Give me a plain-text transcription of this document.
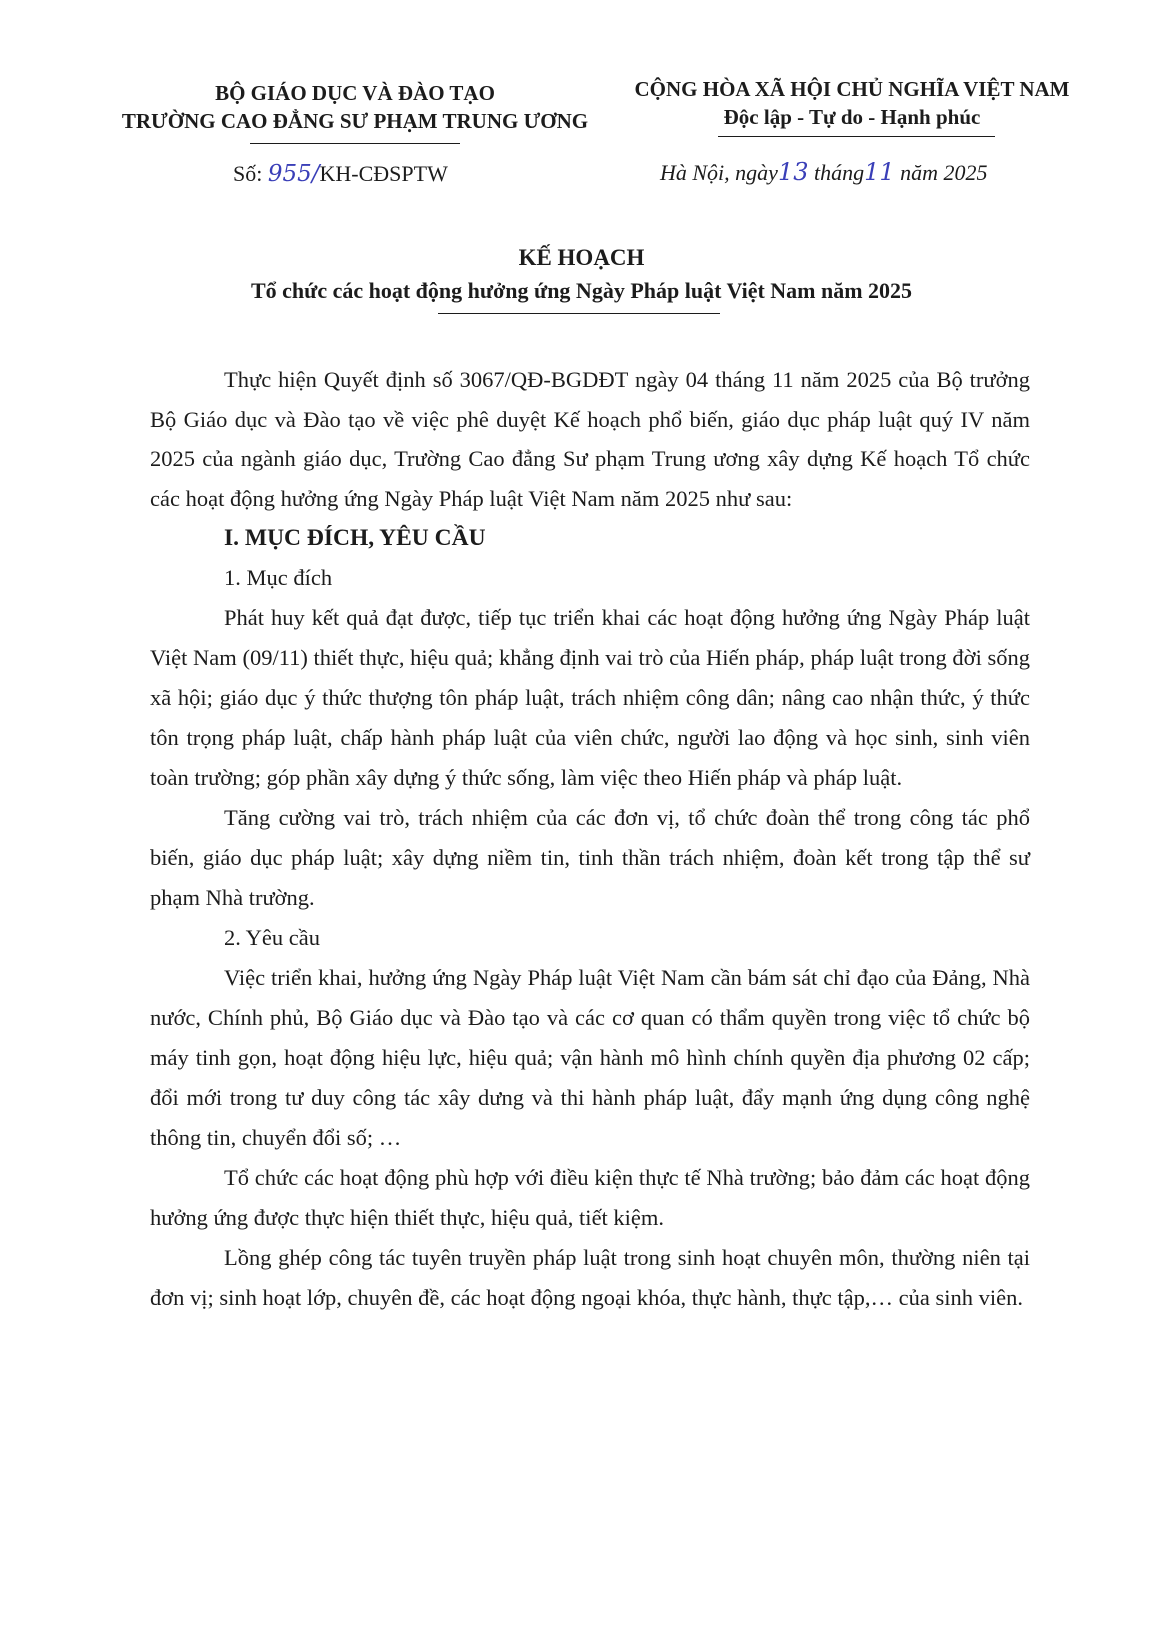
BỘ GIÁO DỤC VÀ ĐÀO TẠO
TRƯỜNG CAO ĐẲNG SƯ PHẠM TRUNG ƯƠNG
CỘNG HÒA XÃ HỘI CHỦ NGHĨA VIỆT NAM
Độc lập - Tự do - Hạnh phúc
Số: 955/KH-CĐSPTW	Hà Nội, ngày13 tháng11 năm 2025
KẾ HOẠCH
Tổ chức các hoạt động hưởng ứng Ngày Pháp luật Việt Nam năm 2025

Thực hiện Quyết định số 3067/QĐ-BGDĐT ngày 04 tháng 11 năm 2025 của Bộ trưởng Bộ Giáo dục và Đào tạo về việc phê duyệt Kế hoạch phổ biến, giáo dục pháp luật quý IV năm 2025 của ngành giáo dục, Trường Cao đẳng Sư phạm Trung ương xây dựng Kế hoạch Tổ chức các hoạt động hưởng ứng Ngày Pháp luật Việt Nam năm 2025 như sau:

I. MỤC ĐÍCH, YÊU CẦU
1. Mục đích

Phát huy kết quả đạt được, tiếp tục triển khai các hoạt động hưởng ứng Ngày Pháp luật Việt Nam (09/11) thiết thực, hiệu quả; khẳng định vai trò của Hiến pháp, pháp luật trong đời sống xã hội; giáo dục ý thức thượng tôn pháp luật, trách nhiệm công dân; nâng cao nhận thức, ý thức tôn trọng pháp luật, chấp hành pháp luật của viên chức, người lao động và học sinh, sinh viên toàn trường; góp phần xây dựng ý thức sống, làm việc theo Hiến pháp và pháp luật.

Tăng cường vai trò, trách nhiệm của các đơn vị, tổ chức đoàn thể trong công tác phổ biến, giáo dục pháp luật; xây dựng niềm tin, tinh thần trách nhiệm, đoàn kết trong tập thể sư phạm Nhà trường.

2. Yêu cầu

Việc triển khai, hưởng ứng Ngày Pháp luật Việt Nam cần bám sát chỉ đạo của Đảng, Nhà nước, Chính phủ, Bộ Giáo dục và Đào tạo và các cơ quan có thẩm quyền trong việc tổ chức bộ máy tinh gọn, hoạt động hiệu lực, hiệu quả; vận hành mô hình chính quyền địa phương 02 cấp; đổi mới trong tư duy công tác xây dưng và thi hành pháp luật, đẩy mạnh ứng dụng công nghệ thông tin, chuyển đổi số; …

Tổ chức các hoạt động phù hợp với điều kiện thực tế Nhà trường; bảo đảm các hoạt động hưởng ứng được thực hiện thiết thực, hiệu quả, tiết kiệm.

Lồng ghép công tác tuyên truyền pháp luật trong sinh hoạt chuyên môn, thường niên tại đơn vị; sinh hoạt lớp, chuyên đề, các hoạt động ngoại khóa, thực hành, thực tập,… của sinh viên.
